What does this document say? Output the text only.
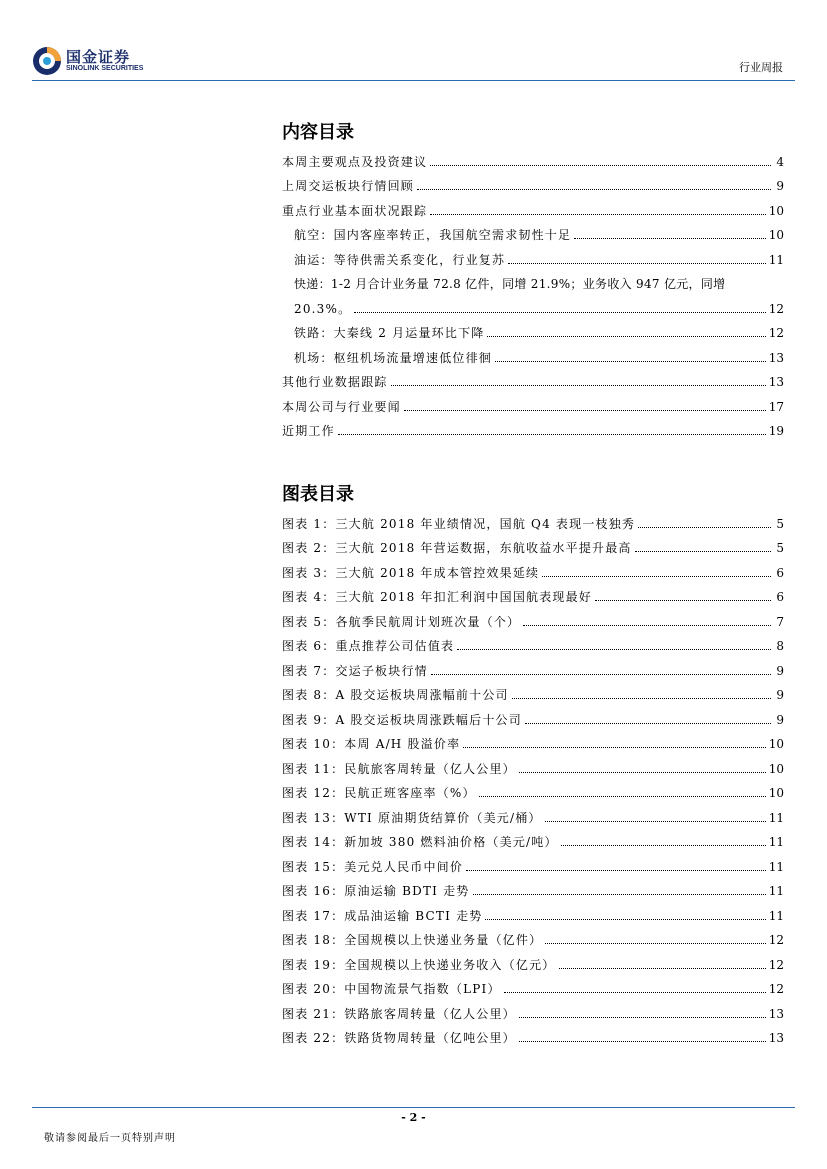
国金证券
SINOLINK SECURITIES	行业周报
内容目录
本周主要观点及投资建议	4
上周交运板块行情回顾	9
重点行业基本面状况跟踪	10
航空：国内客座率转正，我国航空需求韧性十足	10
油运：等待供需关系变化，行业复苏	11
快递：1-2 月合计业务量 72.8 亿件，同增 21.9%；业务收入 947 亿元，同增
20.3%。	12
铁路：大秦线 2 月运量环比下降	12
机场：枢纽机场流量增速低位徘徊	13
其他行业数据跟踪	13
本周公司与行业要闻	17
近期工作	19
图表目录
图表 1：三大航 2018 年业绩情况，国航 Q4 表现一枝独秀	5
图表 2：三大航 2018 年营运数据，东航收益水平提升最高	5
图表 3：三大航 2018 年成本管控效果延续	6
图表 4：三大航 2018 年扣汇利润中国国航表现最好	6
图表 5：各航季民航周计划班次量（个）	7
图表 6：重点推荐公司估值表	8
图表 7：交运子板块行情	9
图表 8：A 股交运板块周涨幅前十公司	9
图表 9：A 股交运板块周涨跌幅后十公司	9
图表 10：本周 A/H 股溢价率	10
图表 11：民航旅客周转量（亿人公里）	10
图表 12：民航正班客座率（%）	10
图表 13：WTI 原油期货结算价（美元/桶）	11
图表 14：新加坡 380 燃料油价格（美元/吨）	11
图表 15：美元兑人民币中间价	11
图表 16：原油运输 BDTI 走势	11
图表 17：成品油运输 BCTI 走势	11
图表 18：全国规模以上快递业务量（亿件）	12
图表 19：全国规模以上快递业务收入（亿元）	12
图表 20：中国物流景气指数（LPI）	12
图表 21：铁路旅客周转量（亿人公里）	13
图表 22：铁路货物周转量（亿吨公里）	13
- 2 -
敬请参阅最后一页特别声明
